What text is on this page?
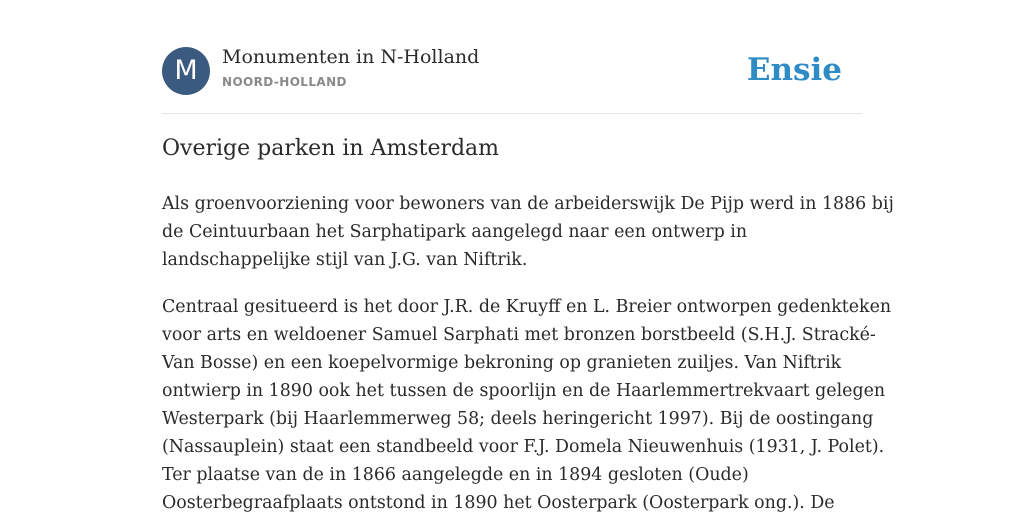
M	Monumenten in N-Holland
NOORD-HOLLAND	Ensie
Overige parken in Amsterdam

Als groenvoorziening voor bewoners van de arbeiderswijk De Pijp werd in 1886 bij
de Ceintuurbaan het Sarphatipark aangelegd naar een ontwerp in
landschappelijke stijl van J.G. van Niftrik.

Centraal gesitueerd is het door J.R. de Kruyff en L. Breier ontworpen gedenkteken
voor arts en weldoener Samuel Sarphati met bronzen borstbeeld (S.H.J. Stracké-
Van Bosse) en een koepelvormige bekroning op granieten zuiljes. Van Niftrik
ontwierp in 1890 ook het tussen de spoorlijn en de Haarlemmertrekvaart gelegen
Westerpark (bij Haarlemmerweg 58; deels heringericht 1997). Bij de oostingang
(Nassauplein) staat een standbeeld voor F.J. Domela Nieuwenhuis (1931, J. Polet).
Ter plaatse van de in 1866 aangelegde en in 1894 gesloten (Oude)
Oosterbegraafplaats ontstond in 1890 het Oosterpark (Oosterpark ong.). De
